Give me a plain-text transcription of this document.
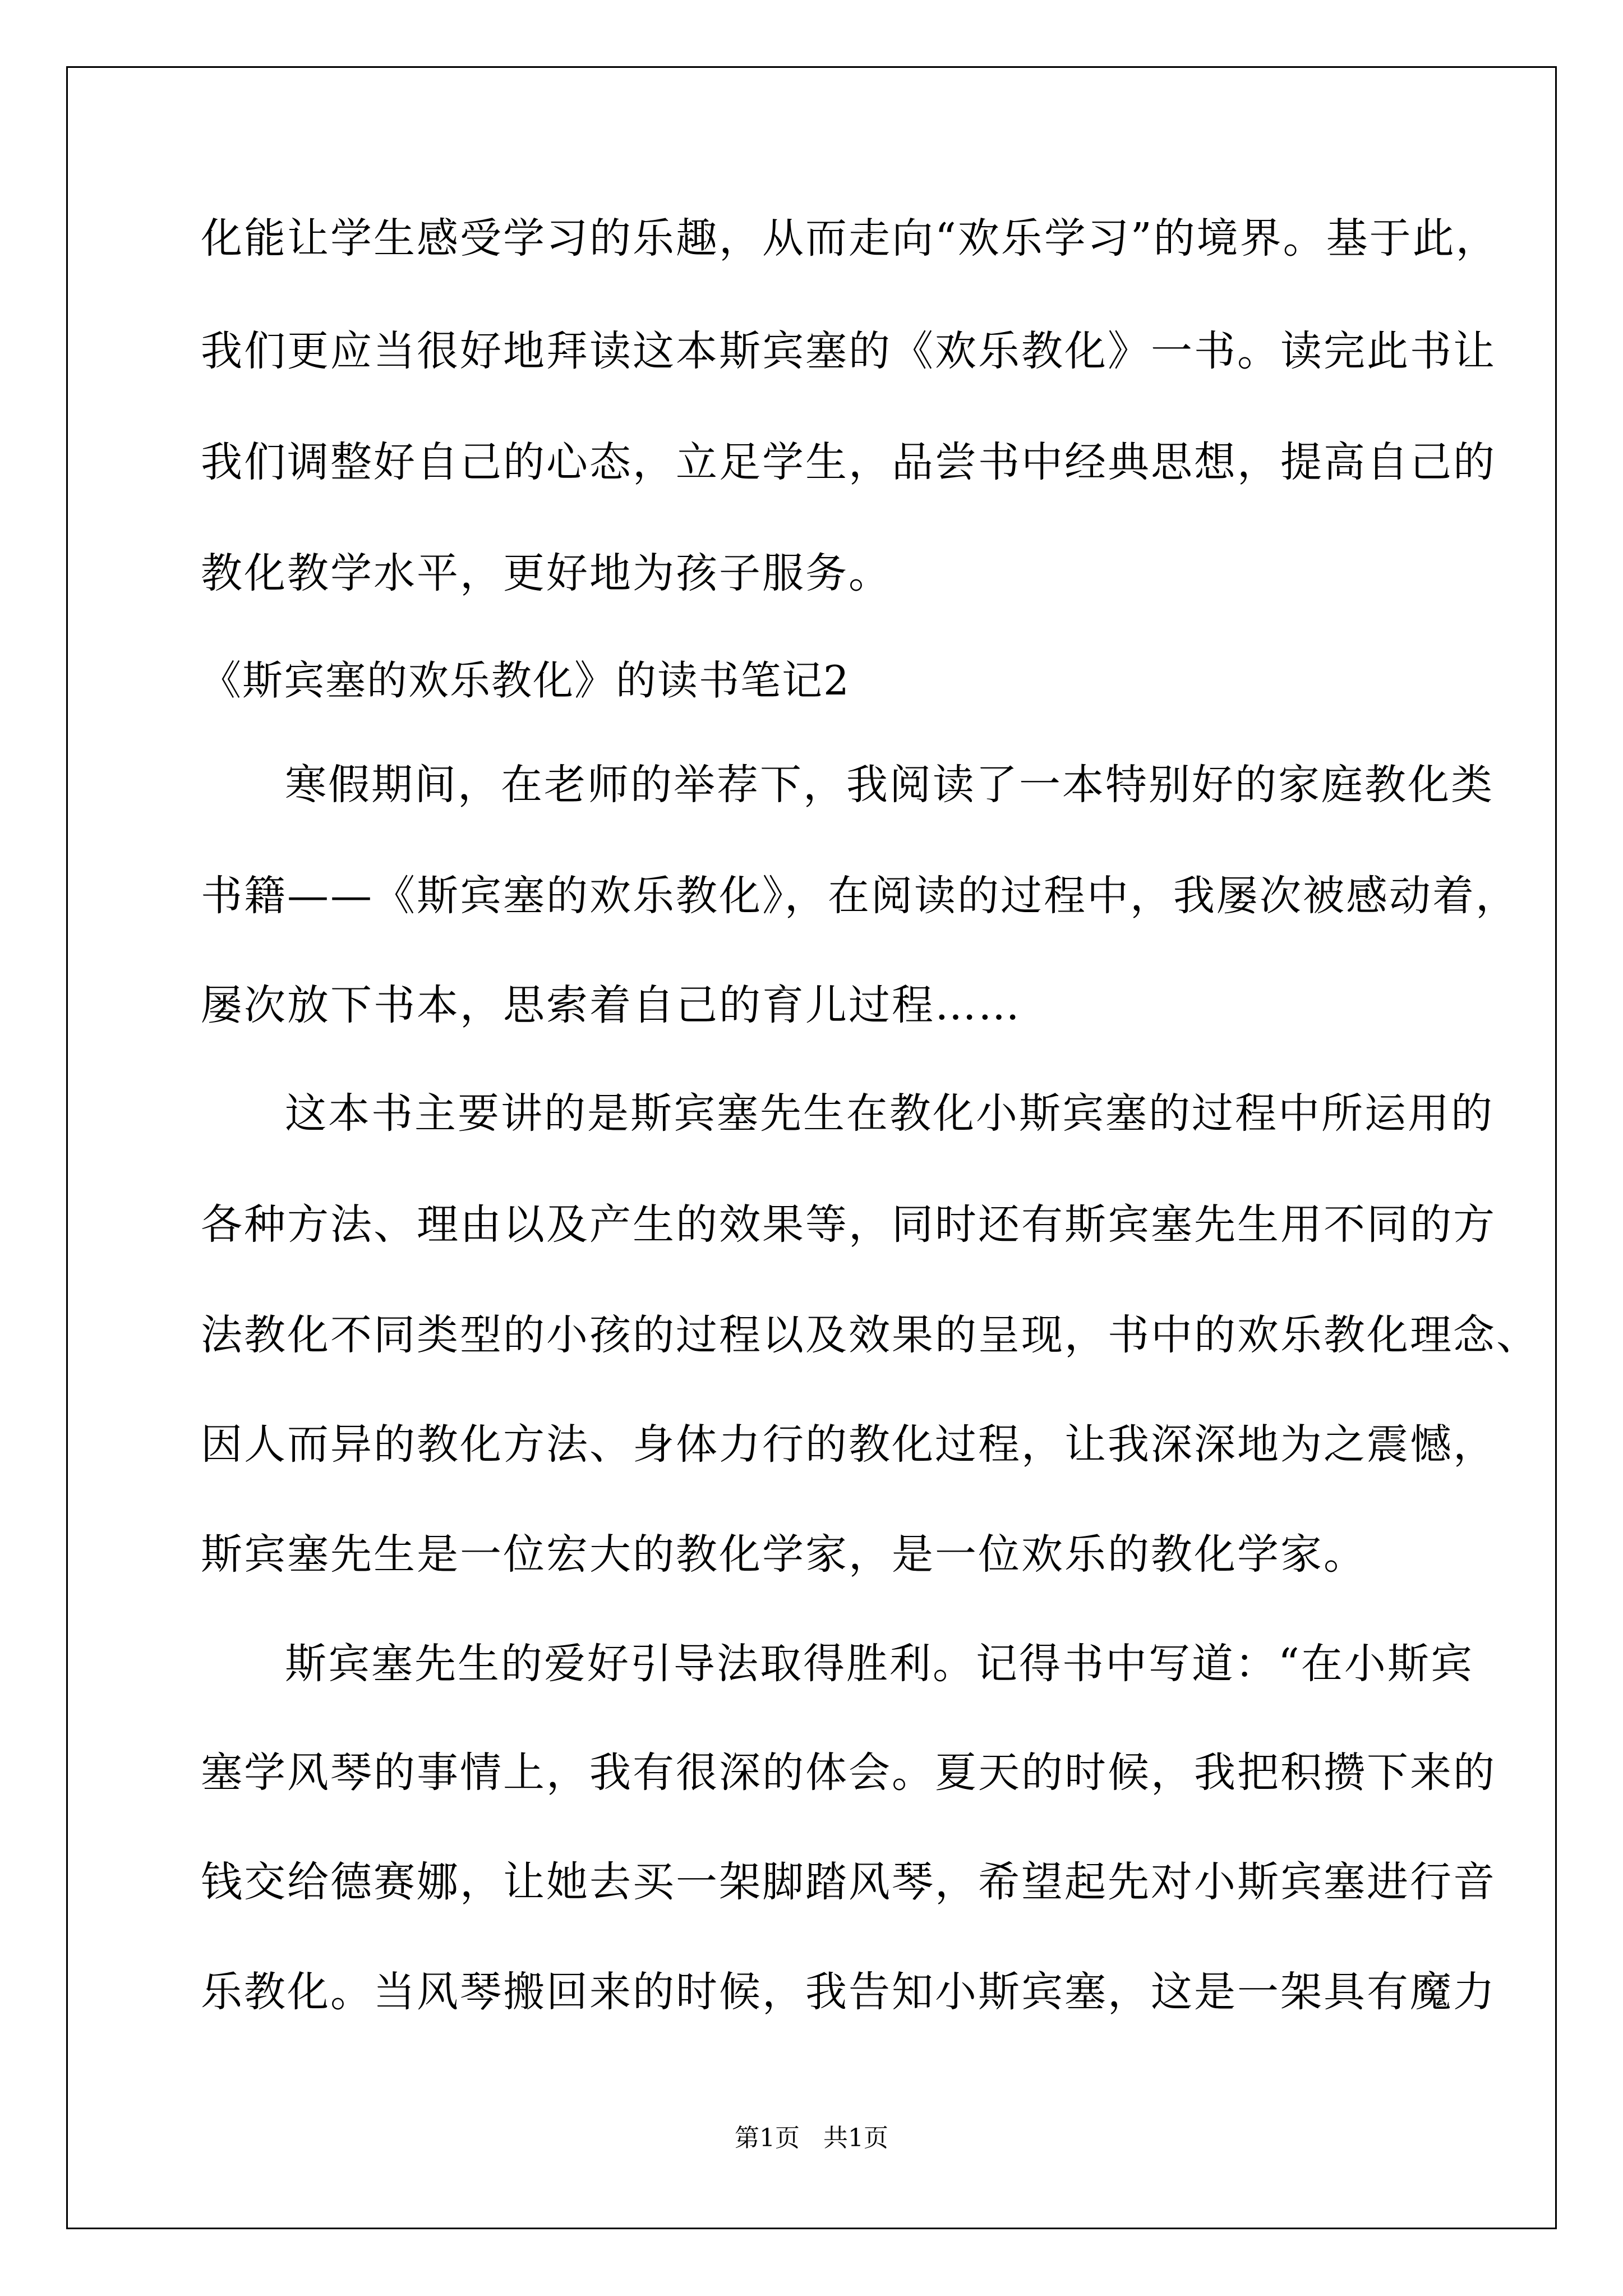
化能让学生感受学习的乐趣，从而走向“欢乐学习”的境界。基于此，
我们更应当很好地拜读这本斯宾塞的《欢乐教化》一书。读完此书让
我们调整好自己的心态，立足学生，品尝书中经典思想，提高自己的
教化教学水平，更好地为孩子服务。
《斯宾塞的欢乐教化》的读书笔记2
寒假期间，在老师的举荐下，我阅读了一本特别好的家庭教化类
书籍——《斯宾塞的欢乐教化》，在阅读的过程中，我屡次被感动着，
屡次放下书本，思索着自己的育儿过程……
这本书主要讲的是斯宾塞先生在教化小斯宾塞的过程中所运用的
各种方法、理由以及产生的效果等，同时还有斯宾塞先生用不同的方
法教化不同类型的小孩的过程以及效果的呈现，书中的欢乐教化理念、
因人而异的教化方法、身体力行的教化过程，让我深深地为之震憾，
斯宾塞先生是一位宏大的教化学家，是一位欢乐的教化学家。
斯宾塞先生的爱好引导法取得胜利。记得书中写道：“在小斯宾
塞学风琴的事情上，我有很深的体会。夏天的时候，我把积攒下来的
钱交给德赛娜，让她去买一架脚踏风琴，希望起先对小斯宾塞进行音
乐教化。当风琴搬回来的时候，我告知小斯宾塞，这是一架具有魔力
第1页   共1页
